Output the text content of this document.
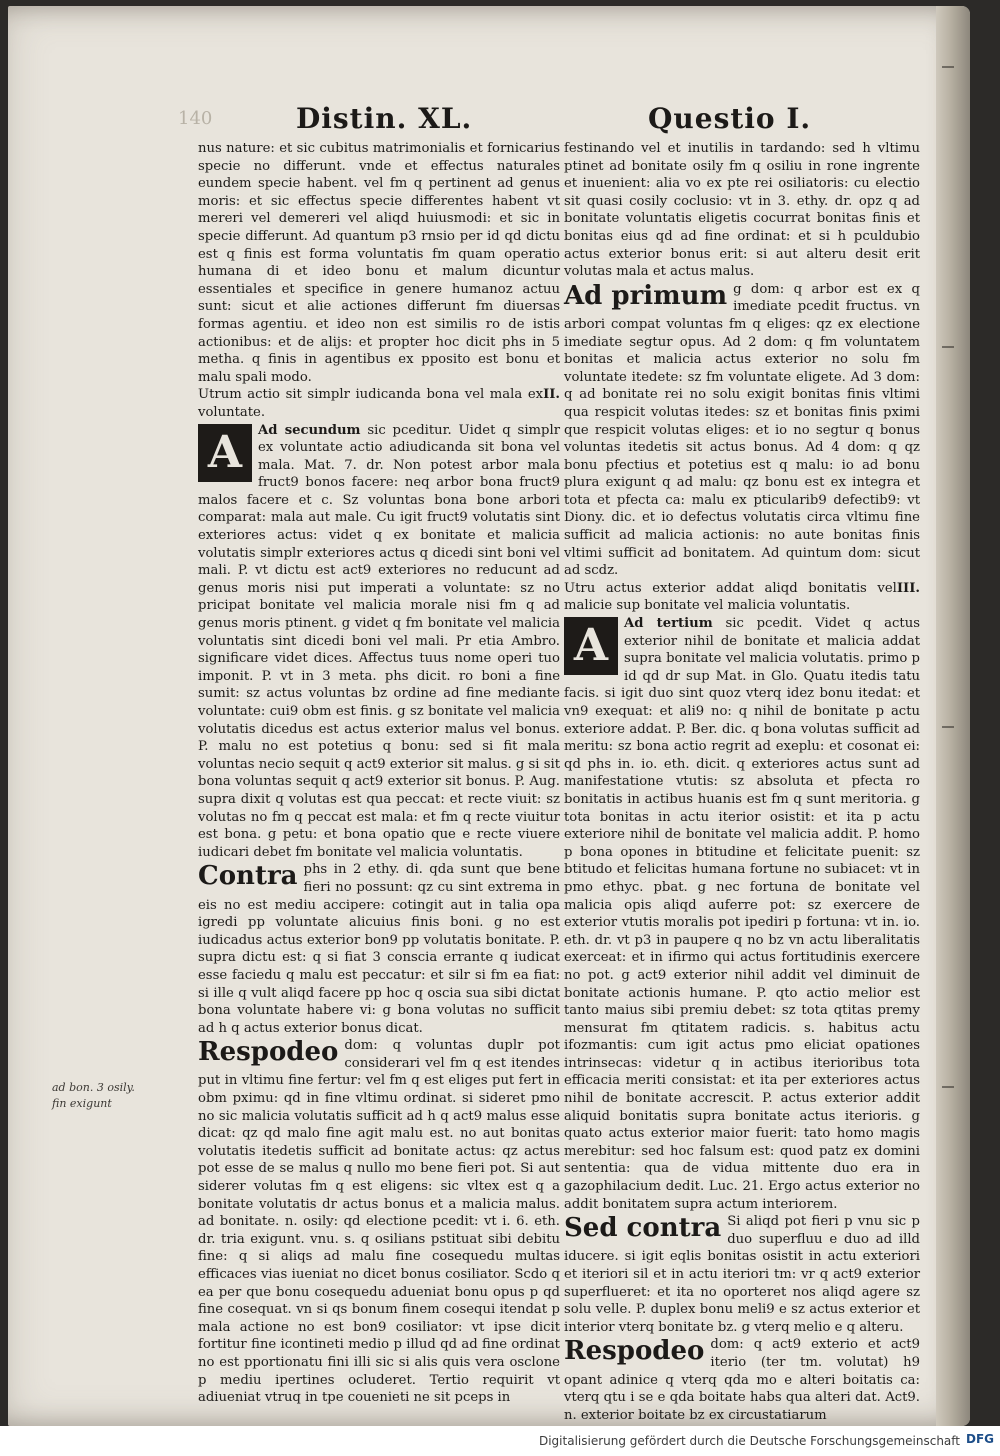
140	Distin. XL.	Questio I.

nus nature: et sic cubitus matrimonialis et fornicarius specie no differunt. vnde et effectus naturales eundem specie habent. vel fm q pertinent ad genus moris: et sic effectus specie differentes habent vt mereri vel demereri vel aliqd huiusmodi: et sic in specie differunt. Ad quantum p3 rnsio per id qd dictu est q finis est forma voluntatis fm quam operatio humana di et ideo bonu et malum dicuntur essentiales et specifice in genere humanoz actuu sunt: sicut et alie actiones differunt fm diuersas formas agentiu. et ideo non est similis ro de istis actionibus: et de alijs: et propter hoc dicit phs in 5 metha. q finis in agentibus ex pposito est bonu et malu spali modo.

II.
Utrum actio sit simplr iudicanda bona vel mala ex voluntate.

A	Ad secundum sic pceditur. Uidet q simplr ex voluntate actio adiudicanda sit bona vel mala. Mat. 7. dr. Non potest arbor mala fruct9 bonos facere: neq arbor bona fruct9 malos facere et c. Sz voluntas bona bone arbori comparat: mala aut male. Cu igit fruct9 volutatis sint exteriores actus: videt q ex bonitate et malicia volutatis simplr exteriores actus q dicedi sint boni vel mali. P. vt dictu est act9 exteriores no reducunt ad genus moris nisi put imperati a voluntate: sz no pricipat bonitate vel malicia morale nisi fm q ad genus moris ptinent. g videt q fm bonitate vel malicia voluntatis sint dicedi boni vel mali. Pr etia Ambro. significare videt dices. Affectus tuus nome operi tuo imponit. P. vt in 3 meta. phs dicit. ro boni a fine sumit: sz actus voluntas bz ordine ad fine mediante voluntate: cui9 obm est finis. g sz bonitate vel malicia volutatis dicedus est actus exterior malus vel bonus. P. malu no est potetius q bonu: sed si fit mala voluntas necio sequit q act9 exterior sit malus. g si sit bona voluntas sequit q act9 exterior sit bonus. P. Aug. supra dixit q volutas est qua peccat: et recte viuit: sz volutas no fm q peccat est mala: et fm q recte viuitur est bona. g petu: et bona opatio que e recte viuere iudicari debet fm bonitate vel malicia voluntatis.

Contra phs in 2 ethy. di. qda sunt que bene fieri no possunt: qz cu sint extrema in eis no est mediu accipere: cotingit aut in talia opa igredi pp voluntate alicuius finis boni. g no est iudicadus actus exterior bon9 pp volutatis bonitate. P. supra dictu est: q si fiat 3 conscia errante q iudicat esse faciedu q malu est peccatur: et silr si fm ea fiat: si ille q vult aliqd facere pp hoc q oscia sua sibi dictat bona voluntate habere vi: g bona volutas no sufficit ad h q actus exterior bonus dicat.

Respodeo dom: q voluntas duplr pot considerari vel fm q est itendes put in vltimu fine fertur: vel fm q est eliges put fert in obm pximu: qd in fine vltimu ordinat. si sideret pmo no sic malicia volutatis sufficit ad h q act9 malus esse dicat: qz qd malo fine agit malu est. no aut bonitas volutatis itedetis sufficit ad bonitate actus: qz actus pot esse de se malus q nullo mo bene fieri pot. Si aut siderer volutas fm q est eligens: sic vltex est q a bonitate volutatis dr actus bonus et a malicia malus. ad bonitate. n. osily: qd electione pcedit: vt i. 6. eth. dr. tria exigunt. vnu. s. q osilians pstituat sibi debitu fine: q si aliqs ad malu fine cosequedu multas efficaces vias iueniat no dicet bonus cosiliator. Scdo q ea per que bonu cosequedu adueniat bonu opus p qd fine cosequat. vn si qs bonum finem cosequi itendat p mala actione no est bon9 cosiliator: vt ipse dicit fortitur fine icontineti medio p illud qd ad fine ordinat no est pportionatu fini illi sic si alis quis vera osclone p mediu ipertines ocluderet. Tertio requirit vt adiueniat vtruq in tpe couenieti ne sit pceps in

festinando vel et inutilis in tardando: sed h vltimu ptinet ad bonitate osily fm q osiliu in rone ingrente et inuenient: alia vo ex pte rei osiliatoris: cu electio sit quasi cosily coclusio: vt in 3. ethy. dr. opz q ad bonitate voluntatis eligetis cocurrat bonitas finis et bonitas eius qd ad fine ordinat: et si h pculdubio actus exterior bonus erit: si aut alteru desit erit volutas mala et actus malus.

Ad primum g dom: q arbor est ex q imediate pcedit fructus. vn arbori compat voluntas fm q eliges: qz ex electione imediate segtur opus. Ad 2 dom: q fm voluntatem bonitas et malicia actus exterior no solu fm voluntate itedete: sz fm voluntate eligete. Ad 3 dom: q ad bonitate rei no solu exigit bonitas finis vltimi qua respicit volutas itedes: sz et bonitas finis pximi que respicit volutas eliges: et io no segtur q bonus voluntas itedetis sit actus bonus. Ad 4 dom: q qz bonu pfectius et potetius est q malu: io ad bonu plura exigunt q ad malu: qz bonu est ex integra et tota et pfecta ca: malu ex pticularib9 defectib9: vt Diony. dic. et io defectus volutatis circa vltimu fine sufficit ad malicia actionis: no aute bonitas finis vltimi sufficit ad bonitatem. Ad quintum dom: sicut ad scdz.

III.
Utru actus exterior addat aliqd bonitatis vel malicie sup bonitate vel malicia voluntatis.

A	Ad tertium sic pcedit. Videt q actus exterior nihil de bonitate et malicia addat supra bonitate vel malicia volutatis. primo p id qd dr sup Mat. in Glo. Quatu itedis tatu facis. si igit duo sint quoz vterq idez bonu itedat: et vn9 exequat: et ali9 no: q nihil de bonitate p actu exteriore addat. P. Ber. dic. q bona volutas sufficit ad meritu: sz bona actio regrit ad exeplu: et cosonat ei: qd phs in. io. eth. dicit. q exteriores actus sunt ad manifestatione vtutis: sz absoluta et pfecta ro bonitatis in actibus huanis est fm q sunt meritoria. g tota bonitas in actu iterior osistit: et ita p actu exteriore nihil de bonitate vel malicia addit. P. homo p bona opones in btitudine et felicitate puenit: sz btitudo et felicitas humana fortune no subiacet: vt in pmo ethyc. pbat. g nec fortuna de bonitate vel malicia opis aliqd auferre pot: sz exercere de exterior vtutis moralis pot ipediri p fortuna: vt in. io. eth. dr. vt p3 in paupere q no bz vn actu liberalitatis exerceat: et in ifirmo qui actus fortitudinis exercere no pot. g act9 exterior nihil addit vel diminuit de bonitate actionis humane. P. qto actio melior est tanto maius sibi premiu debet: sz tota qtitas premy mensurat fm qtitatem radicis. s. habitus actu ifozmantis: cum igit actus pmo eliciat opationes intrinsecas: videtur q in actibus iterioribus tota efficacia meriti consistat: et ita per exteriores actus nihil de bonitate accrescit. P. actus exterior addit aliquid bonitatis supra bonitate actus iterioris. g quato actus exterior maior fuerit: tato homo magis merebitur: sed hoc falsum est: quod patz ex domini sententia: qua de vidua mittente duo era in gazophilacium dedit. Luc. 21. Ergo actus exterior no addit bonitatem supra actum interiorem.

Sed contra Si aliqd pot fieri p vnu sic p duo superfluu e duo ad illd iducere. si igit eqlis bonitas osistit in actu exteriori et iteriori sil et in actu iteriori tm: vr q act9 exterior superflueret: et ita no oporteret nos aliqd agere sz solu velle. P. duplex bonu meli9 e sz actus exterior et interior vterq bonitate bz. g vterq melio e q alteru.

Respodeo dom: q act9 exterio et act9 iterio (ter tm. volutat) h9 opant adinice q vterq qda mo e alteri boitatis ca: vterq qtu i se e qda boitate habs qua alteri dat. Act9. n. exterior boitate bz ex circustatiarum

ad bon. 3 osily.
fin exigunt
Digitalisierung gefördert durch die Deutsche Forschungsgemeinschaft DFG
